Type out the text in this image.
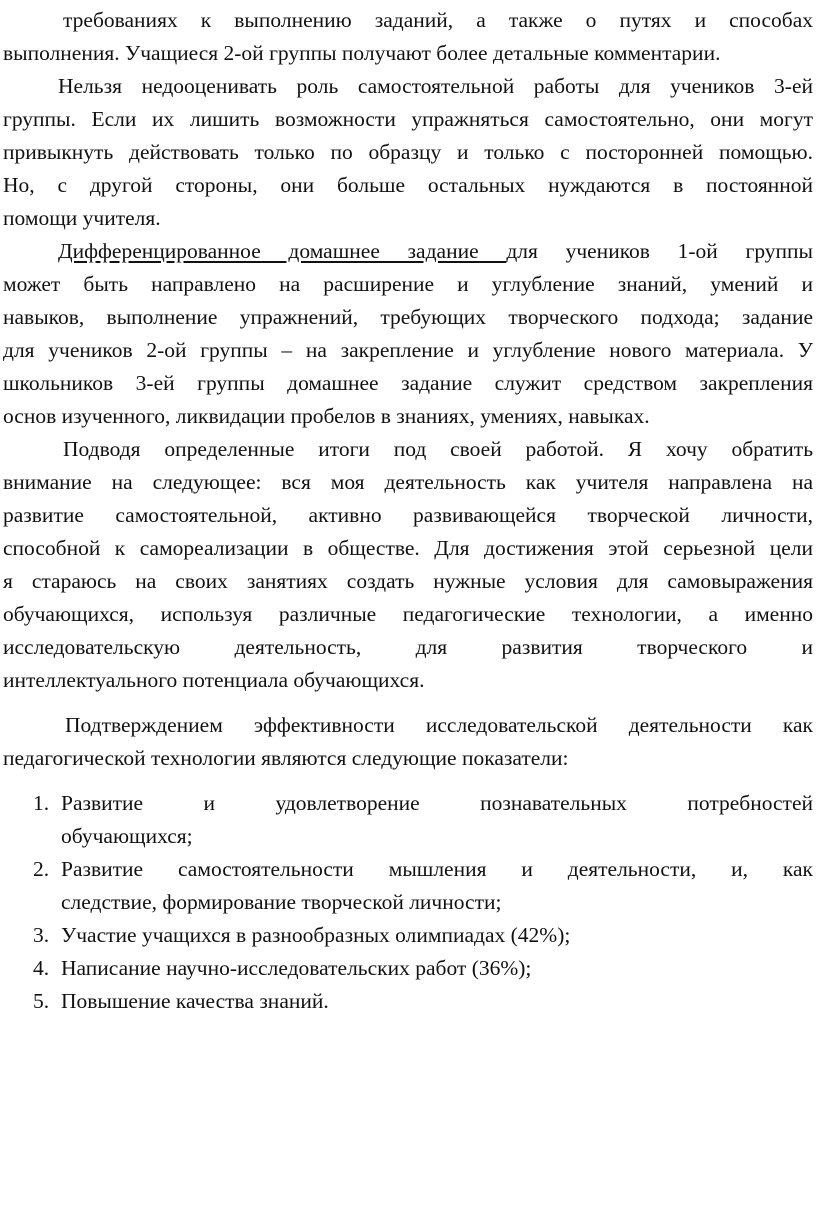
требованиях к выполнению заданий, а также о путях и способах

выполнения. Учащиеся 2-ой группы получают более детальные комментарии.

Нельзя недооценивать роль самостоятельной работы для учеников 3-ей

группы. Если их лишить возможности упражняться самостоятельно, они могут

привыкнуть действовать только по образцу и только с посторонней помощью.

Но, с другой стороны, они больше остальных нуждаются в постоянной

помощи учителя.

Дифференцированное домашнее задание для учеников 1-ой группы

может быть направлено на расширение и углубление знаний, умений и

навыков, выполнение упражнений, требующих творческого подхода; задание

для учеников 2-ой группы – на закрепление и углубление нового материала. У

школьников 3-ей группы домашнее задание служит средством закрепления

основ изученного, ликвидации пробелов в знаниях, умениях, навыках.

Подводя определенные итоги под своей работой. Я хочу обратить

внимание на следующее: вся моя деятельность как учителя направлена на

развитие самостоятельной, активно развивающейся творческой личности,

способной к самореализации в обществе. Для достижения этой серьезной цели

я стараюсь на своих занятиях создать нужные условия для самовыражения

обучающихся, используя различные педагогические технологии, а именно

исследовательскую деятельность, для развития творческого и

интеллектуального потенциала обучающихся.

Подтверждением эффективности исследовательской деятельности как

педагогической технологии являются следующие показатели:

1. Развитие и удовлетворение познавательных потребностей

обучающихся;

2. Развитие самостоятельности мышления и деятельности, и, как

следствие, формирование творческой личности;

3. Участие учащихся в разнообразных олимпиадах (42%);

4. Написание научно-исследовательских работ (36%);

5. Повышение качества знаний.
